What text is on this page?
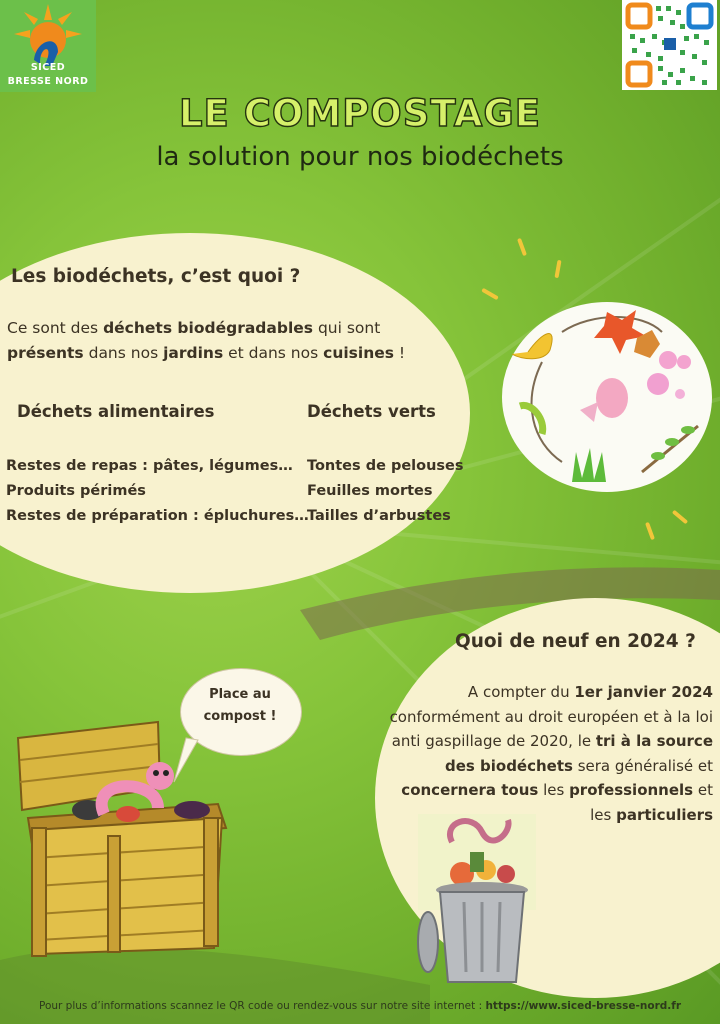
SICED
BRESSE NORD
LE COMPOSTAGE
la solution pour nos biodéchets
Les biodéchets, c’est quoi ?
Ce sont des déchets biodégradables qui sont
présents dans nos jardins et dans nos cuisines !
Déchets alimentaires	Déchets verts
Restes de repas : pâtes, légumes…
Produits périmés
Restes de préparation : épluchures…
Tontes de pelouses
Feuilles mortes
Tailles d’arbustes
Quoi de neuf en 2024 ?
A compter du 1er janvier 2024
conformément au droit européen et à la loi anti gaspillage de 2020, le tri à la source des biodéchets sera généralisé et concernera tous les professionnels et les particuliers
Place au
compost !
Pour plus d’informations scannez le QR code ou rendez-vous sur notre site internet : https://www.siced-bresse-nord.fr
